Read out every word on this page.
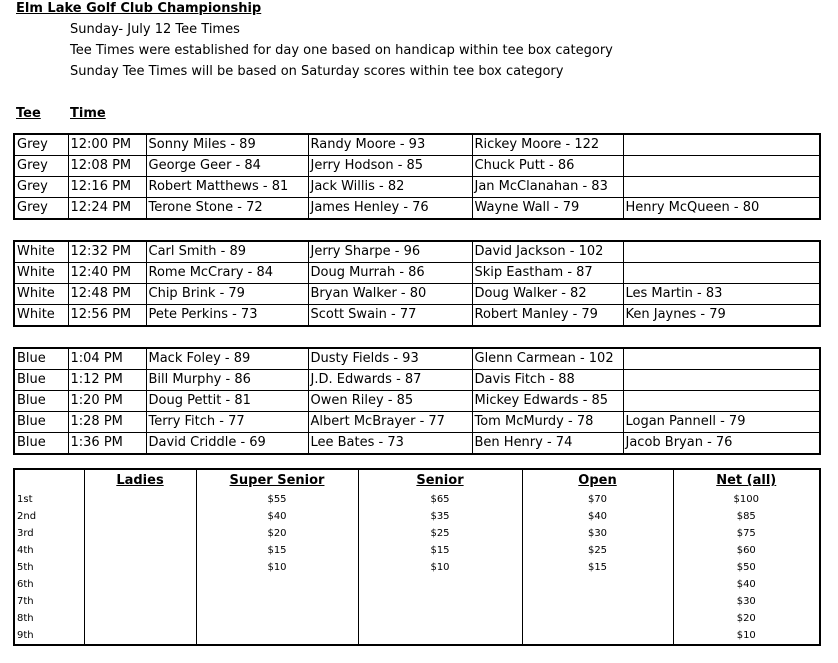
Elm Lake Golf Club Championship
Sunday- July 12 Tee Times
Tee Times were established for day one based on handicap within tee box category
Sunday Tee Times will be based on Saturday scores within tee box category
Tee Time
Grey	12:00 PM	Sonny Miles - 89	Randy Moore - 93	Rickey Moore - 122	
Grey	12:08 PM	George Geer - 84	Jerry Hodson - 85	Chuck Putt - 86	
Grey	12:16 PM	Robert Matthews - 81	Jack Willis - 82	Jan McClanahan - 83	
Grey	12:24 PM	Terone Stone - 72	James Henley - 76	Wayne Wall - 79	Henry McQueen - 80
White	12:32 PM	Carl Smith - 89	Jerry Sharpe - 96	David Jackson - 102	
White	12:40 PM	Rome McCrary - 84	Doug Murrah - 86	Skip Eastham - 87	
White	12:48 PM	Chip Brink - 79	Bryan Walker - 80	Doug Walker - 82	Les Martin - 83
White	12:56 PM	Pete Perkins - 73	Scott Swain - 77	Robert Manley - 79	Ken Jaynes - 79
Blue	1:04 PM	Mack Foley - 89	Dusty Fields - 93	Glenn Carmean - 102	
Blue	1:12 PM	Bill Murphy - 86	J.D. Edwards - 87	Davis Fitch - 88	
Blue	1:20 PM	Doug Pettit - 81	Owen Riley - 85	Mickey Edwards - 85	
Blue	1:28 PM	Terry Fitch - 77	Albert McBrayer - 77	Tom McMurdy - 78	Logan Pannell - 79
Blue	1:36 PM	David Criddle - 69	Lee Bates - 73	Ben Henry - 74	Jacob Bryan - 76
	Ladies	Super Senior	Senior	Open	Net (all)
1st		$55	$65	$70	$100
2nd		$40	$35	$40	$85
3rd		$20	$25	$30	$75
4th		$15	$15	$25	$60
5th		$10	$10	$15	$50
6th					$40
7th					$30
8th					$20
9th					$10
